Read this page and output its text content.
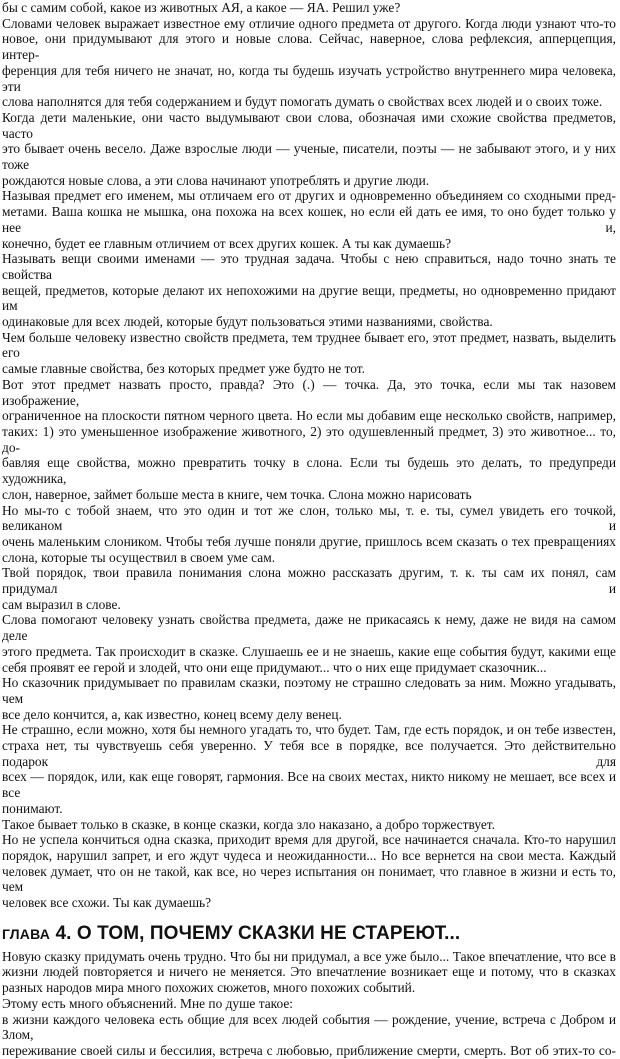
бы с самим собой, какое из животных АЯ, а какое — ЯА. Решил уже?
Словами человек выражает известное ему отличие одного предмета от другого. Когда люди узнают что-то
новое, они придумывают для этого и новые слова. Сейчас, наверное, слова рефлексия, апперцепция, интер-
ференция для тебя ничего не значат, но, когда ты будешь изучать устройство внутреннего мира человека, эти
слова наполнятся для тебя содержанием и будут помогать думать о свойствах всех людей и о своих тоже.
Когда дети маленькие, они часто выдумывают свои слова, обозначая ими схожие свойства предметов, часто
это бывает очень весело. Даже взрослые люди — ученые, писатели, поэты — не забывают этого, и у них тоже
рождаются новые слова, а эти слова начинают употреблять и другие люди.
Называя предмет его именем, мы отличаем его от других и одновременно объединяем со сходными пред-
метами. Ваша кошка не мышка, она похожа на всех кошек, но если ей дать ее имя, то оно будет только у нее и,
конечно, будет ее главным отличием от всех других кошек. А ты как думаешь?
Называть вещи своими именами — это трудная задача. Чтобы с нею справиться, надо точно знать те свойства
вещей, предметов, которые делают их непохожими на другие вещи, предметы, но одновременно придают им
одинаковые для всех людей, которые будут пользоваться этими названиями, свойства.
Чем больше человеку известно свойств предмета, тем труднее бывает его, этот предмет, назвать, выделить его
самые главные свойства, без которых предмет уже будто не тот.
Вот этот предмет назвать просто, правда? Это (.) — точка. Да, это точка, если мы так назовем изображение,
ограниченное на плоскости пятном черного цвета. Но если мы добавим еще несколько свойств, например,
таких: 1) это уменьшенное изображение животного, 2) это одушевленный предмет, 3) это животное... то, до-
бавляя еще свойства, можно превратить точку в слона. Если ты будешь это делать, то предупреди художника,
слон, наверное, займет больше места в книге, чем точка. Слона можно нарисовать
Но мы-то с тобой знаем, что это один и тот же слон, только мы, т. е. ты, сумел увидеть его точкой, великаном и
очень маленьким слоником. Чтобы тебя лучше поняли другие, пришлось всем сказать о тех превращениях
слона, которые ты осуществил в своем уме сам.
Твой порядок, твои правила понимания слона можно рассказать другим, т. к. ты сам их понял, сам придумал и
сам выразил в слове.
Слова помогают человеку узнать свойства предмета, даже не прикасаясь к нему, даже не видя на самом деле
этого предмета. Так происходит в сказке. Слушаешь ее и не знаешь, какие еще события будут, какими еще
себя проявят ее герой и злодей, что они еще придумают... что о них еще придумает сказочник...
Но сказочник придумывает по правилам сказки, поэтому не страшно следовать за ним. Можно угадывать, чем
все дело кончится, а, как известно, конец всему делу венец.
Не страшно, если можно, хотя бы немного угадать то, что будет. Там, где есть порядок, и он тебе известен,
страха нет, ты чувствуешь себя уверенно. У тебя все в порядке, все получается. Это действительно подарок для
всех — порядок, или, как еще говорят, гармония. Все на своих местах, никто никому не мешает, все всех и все
понимают.
Такое бывает только в сказке, в конце сказки, когда зло наказано, а добро торжествует.
Но не успела кончиться одна сказка, приходит время для другой, все начинается сначала. Кто-то нарушил
порядок, нарушил запрет, и его ждут чудеса и неожиданности... Но все вернется на свои места. Каждый
человек думает, что он не такой, как все, но через испытания он понимает, что главное в жизни и есть то, чем
человек все схожи. Ты как думаешь?
ГЛАВА 4. О ТОМ, ПОЧЕМУ СКАЗКИ НЕ СТАРЕЮТ...
Новую сказку придумать очень трудно. Что бы ни придумал, а все уже было... Такое впечатление, что все в
жизни людей повторяется и ничего не меняется. Это впечатление возникает еще и потому, что в сказках
разных народов мира много похожих сюжетов, много похожих событий.
Этому есть много объяснений. Мне по душе такое:
в жизни каждого человека есть общие для всех людей события — рождение, учение, встреча с Добром и Злом,
переживание своей силы и бессилия, встреча с любовью, приближение смерти, смерть. Вот об этих-то со-
